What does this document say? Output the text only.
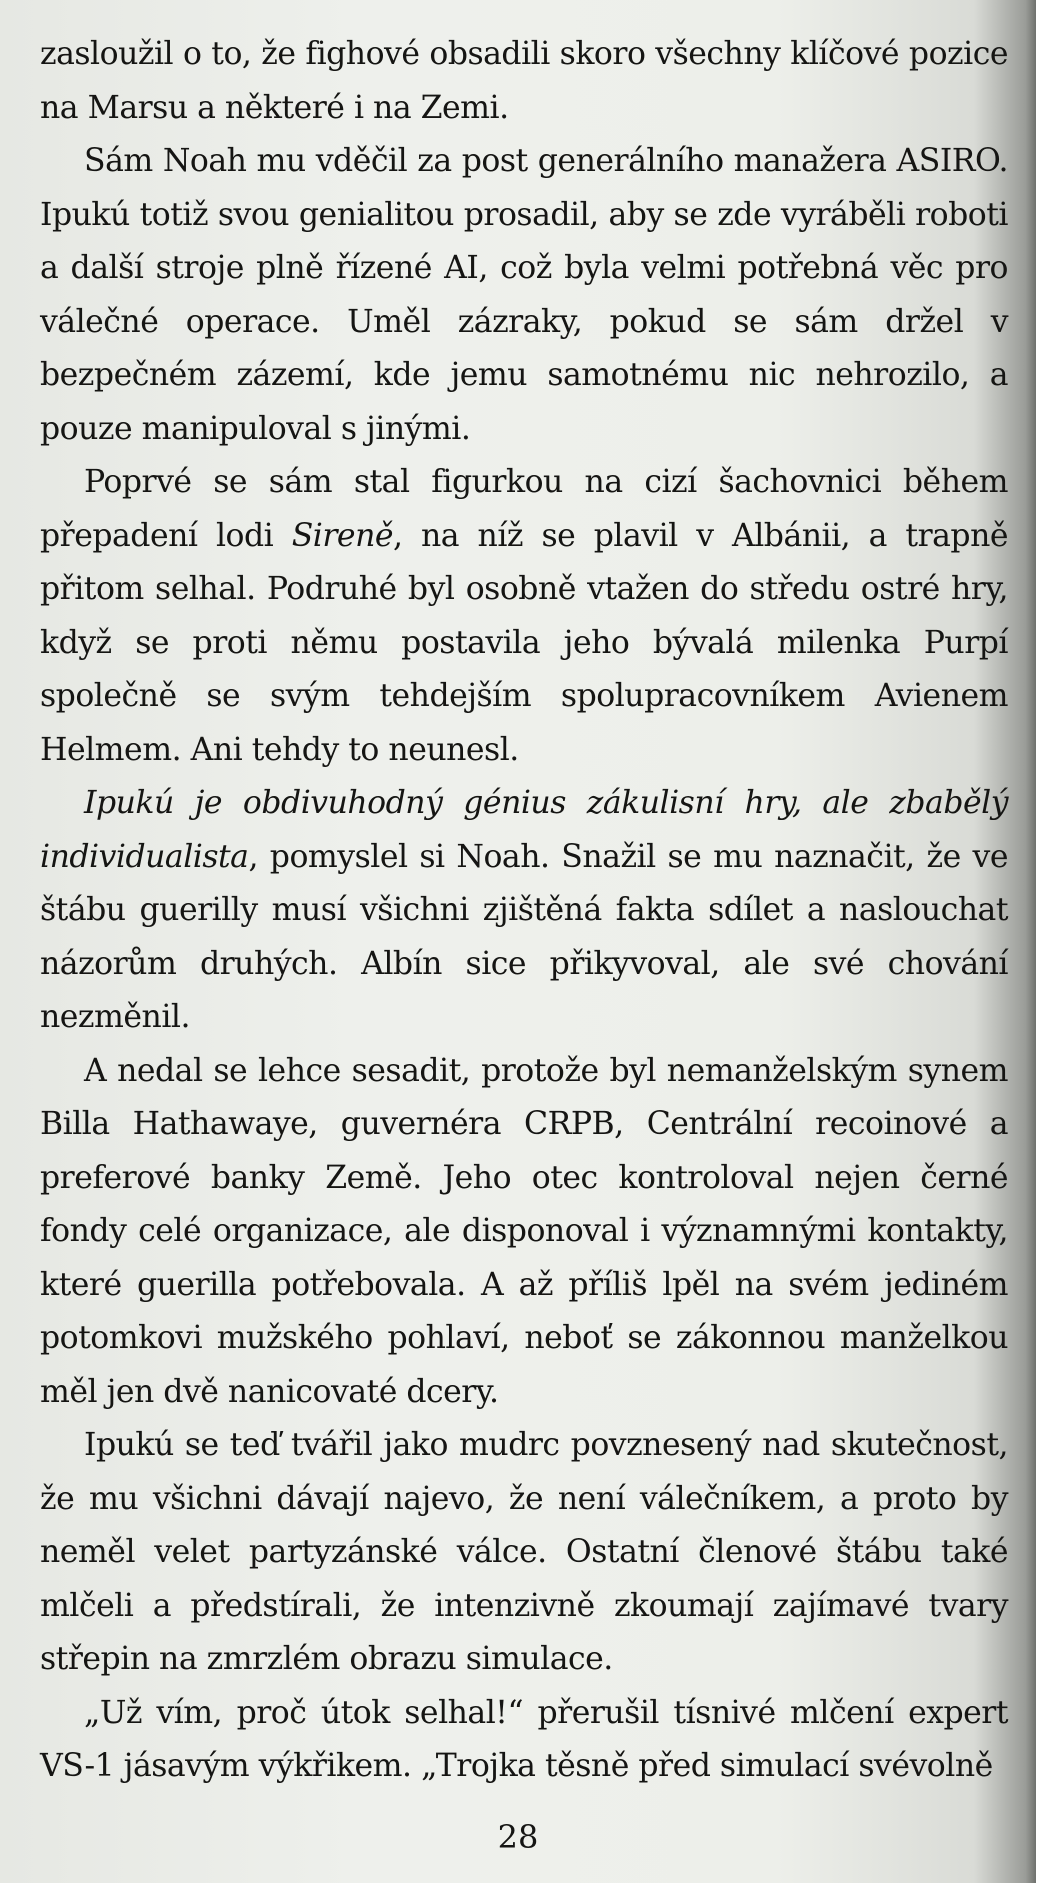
zasloužil o to, že fighové obsadili skoro všechny klíčové pozice na Marsu a některé i na Zemi.

Sám Noah mu vděčil za post generálního manažera ASIRO. Ipukú totiž svou genialitou prosadil, aby se zde vyráběli roboti a další stroje plně řízené AI, což byla velmi potřebná věc pro válečné operace. Uměl zázraky, pokud se sám držel v bezpečném zázemí, kde jemu samotnému nic nehrozilo, a pouze manipuloval s jinými.

Poprvé se sám stal figurkou na cizí šachovnici během přepadení lodi Sireně, na níž se plavil v Albánii, a trapně přitom selhal. Podruhé byl osobně vtažen do středu ostré hry, když se proti němu postavila jeho bývalá milenka Purpí společně se svým tehdejším spolupracovníkem Avienem Helmem. Ani tehdy to neunesl.

Ipukú je obdivuhodný génius zákulisní hry, ale zbabělý individualista, pomyslel si Noah. Snažil se mu naznačit, že ve štábu guerilly musí všichni zjištěná fakta sdílet a naslouchat názorům druhých. Albín sice přikyvoval, ale své chování nezměnil.

A nedal se lehce sesadit, protože byl nemanželským synem Billa Hathawaye, guvernéra CRPB, Centrální recoinové a preferové banky Země. Jeho otec kontroloval nejen černé fondy celé organizace, ale disponoval i významnými kontakty, které guerilla potřebovala. A až příliš lpěl na svém jediném potomkovi mužského pohlaví, neboť se zákonnou manželkou měl jen dvě nanicovaté dcery.

Ipukú se teď tvářil jako mudrc povznesený nad skutečnost, že mu všichni dávají najevo, že není válečníkem, a proto by neměl velet partyzánské válce. Ostatní členové štábu také mlčeli a předstírali, že intenzivně zkoumají zajímavé tvary střepin na zmrzlém obrazu simulace.

„Už vím, proč útok selhal!“ přerušil tísnivé mlčení expert VS-1 jásavým výkřikem. „Trojka těsně před simulací svévolně

28
